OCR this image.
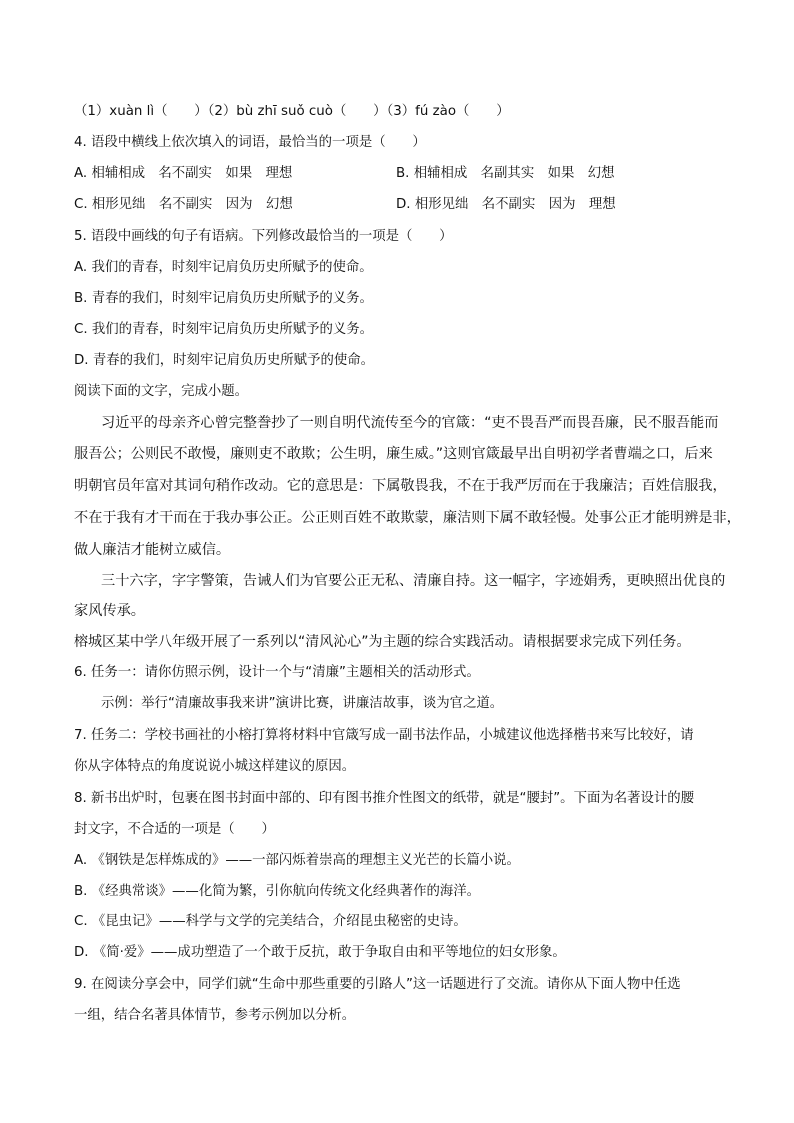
（1）xuàn lì（　　）（2）bù zhī suǒ cuò（　　）（3）fú zào（　　）
4. 语段中横线上依次填入的词语，最恰当的一项是（　　）
A. 相辅相成　名不副实　如果　理想	B. 相辅相成　名副其实　如果　幻想
C. 相形见绌　名不副实　因为　幻想	D. 相形见绌　名不副实　因为　理想
5. 语段中画线的句子有语病。下列修改最恰当的一项是（　　）
A. 我们的青春，时刻牢记肩负历史所赋予的使命。
B. 青春的我们，时刻牢记肩负历史所赋予的义务。
C. 我们的青春，时刻牢记肩负历史所赋予的义务。
D. 青春的我们，时刻牢记肩负历史所赋予的使命。
阅读下面的文字，完成小题。
习近平的母亲齐心曾完整誊抄了一则自明代流传至今的官箴：“吏不畏吾严而畏吾廉，民不服吾能而
服吾公；公则民不敢慢，廉则吏不敢欺；公生明，廉生威。”这则官箴最早出自明初学者曹端之口，后来
明朝官员年富对其词句稍作改动。它的意思是：下属敬畏我，不在于我严厉而在于我廉洁；百姓信服我，
不在于我有才干而在于我办事公正。公正则百姓不敢欺蒙，廉洁则下属不敢轻慢。处事公正才能明辨是非，
做人廉洁才能树立威信。
三十六字，字字警策，告诫人们为官要公正无私、清廉自持。这一幅字，字迹娟秀，更映照出优良的
家风传承。
榕城区某中学八年级开展了一系列以“清风沁心”为主题的综合实践活动。请根据要求完成下列任务。
6. 任务一：请你仿照示例，设计一个与“清廉”主题相关的活动形式。
示例：举行“清廉故事我来讲”演讲比赛，讲廉洁故事，谈为官之道。
7. 任务二：学校书画社的小榕打算将材料中官箴写成一副书法作品，小城建议他选择楷书来写比较好，请
你从字体特点的角度说说小城这样建议的原因。
8. 新书出炉时，包裹在图书封面中部的、印有图书推介性图文的纸带，就是“腰封”。下面为名著设计的腰
封文字，不合适的一项是（　　）
A. 《钢铁是怎样炼成的》——一部闪烁着崇高的理想主义光芒的长篇小说。
B. 《经典常谈》——化简为繁，引你航向传统文化经典著作的海洋。
C. 《昆虫记》——科学与文学的完美结合，介绍昆虫秘密的史诗。
D. 《简·爱》——成功塑造了一个敢于反抗，敢于争取自由和平等地位的妇女形象。
9. 在阅读分享会中，同学们就“生命中那些重要的引路人”这一话题进行了交流。请你从下面人物中任选
一组，结合名著具体情节，参考示例加以分析。
